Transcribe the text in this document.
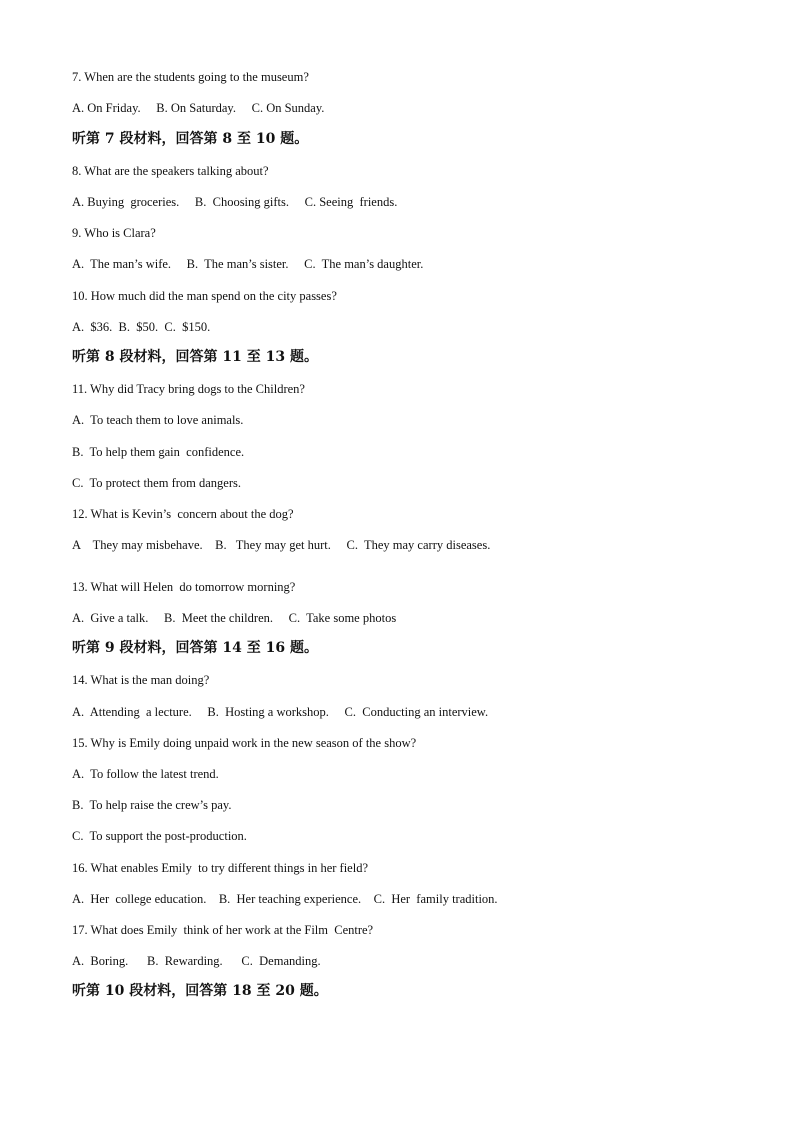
7. When are the students going to the museum?
A. On Friday.     B. On Saturday.     C. On Sunday.
听第 7 段材料，回答第 8 至 10 题。
8. What are the speakers talking about?
A. Buying  groceries.     B.  Choosing gifts.     C. Seeing  friends.
9. Who is Clara?
A.  The man’s wife.     B.  The man’s sister.     C.  The man’s daughter.
10. How much did the man spend on the city passes?
A.  $36.  B.  $50.  C.  $150.
听第 8 段材料，回答第 11 至 13 题。
11. Why did Tracy bring dogs to the Children?
A.  To teach them to love animals.
B.  To help them gain  confidence.
C.  To protect them from dangers.
12. What is Kevin’s  concern about the dog?
A    They may misbehave.    B.   They may get hurt.     C.  They may carry diseases.
13. What will Helen  do tomorrow morning?
A.  Give a talk.     B.  Meet the children.     C.  Take some photos
听第 9 段材料，回答第 14 至 16 题。
14. What is the man doing?
A.  Attending  a lecture.     B.  Hosting a workshop.     C.  Conducting an interview.
15. Why is Emily doing unpaid work in the new season of the show?
A.  To follow the latest trend.
B.  To help raise the crew’s pay.
C.  To support the post-production.
16. What enables Emily  to try different things in her field?
A.  Her  college education.    B.  Her teaching experience.    C.  Her  family tradition.
17. What does Emily  think of her work at the Film  Centre?
A.  Boring.      B.  Rewarding.      C.  Demanding.
听第 10 段材料，回答第 18 至 20 题。
